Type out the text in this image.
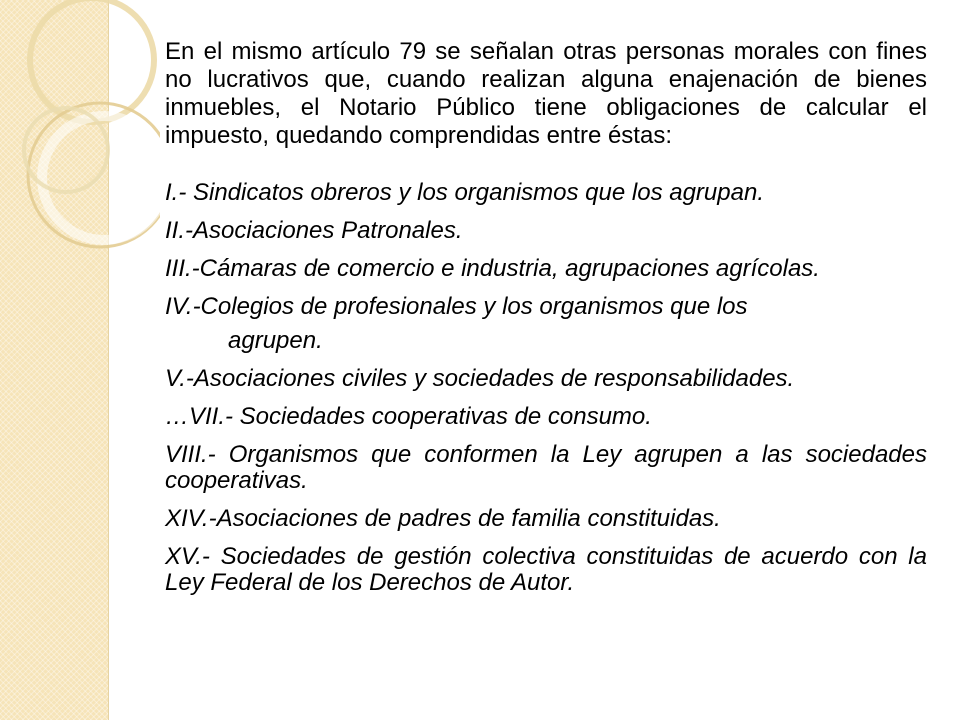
En el mismo artículo 79 se señalan otras personas morales con fines no lucrativos que, cuando realizan alguna enajenación de bienes inmuebles, el Notario Público tiene obligaciones de calcular el impuesto, quedando comprendidas entre éstas:

I.- Sindicatos obreros y los organismos que los agrupan.
II.-Asociaciones Patronales.
III.-Cámaras de comercio e industria, agrupaciones agrícolas.
IV.-Colegios de profesionales y los organismos que los
agrupen.
V.-Asociaciones civiles y sociedades de responsabilidades.
…VII.- Sociedades cooperativas de consumo.
VIII.- Organismos que conformen la Ley agrupen a las sociedades cooperativas.
XIV.-Asociaciones de padres de familia constituidas.
XV.- Sociedades de gestión colectiva constituidas de acuerdo con la Ley Federal de los Derechos de Autor.
